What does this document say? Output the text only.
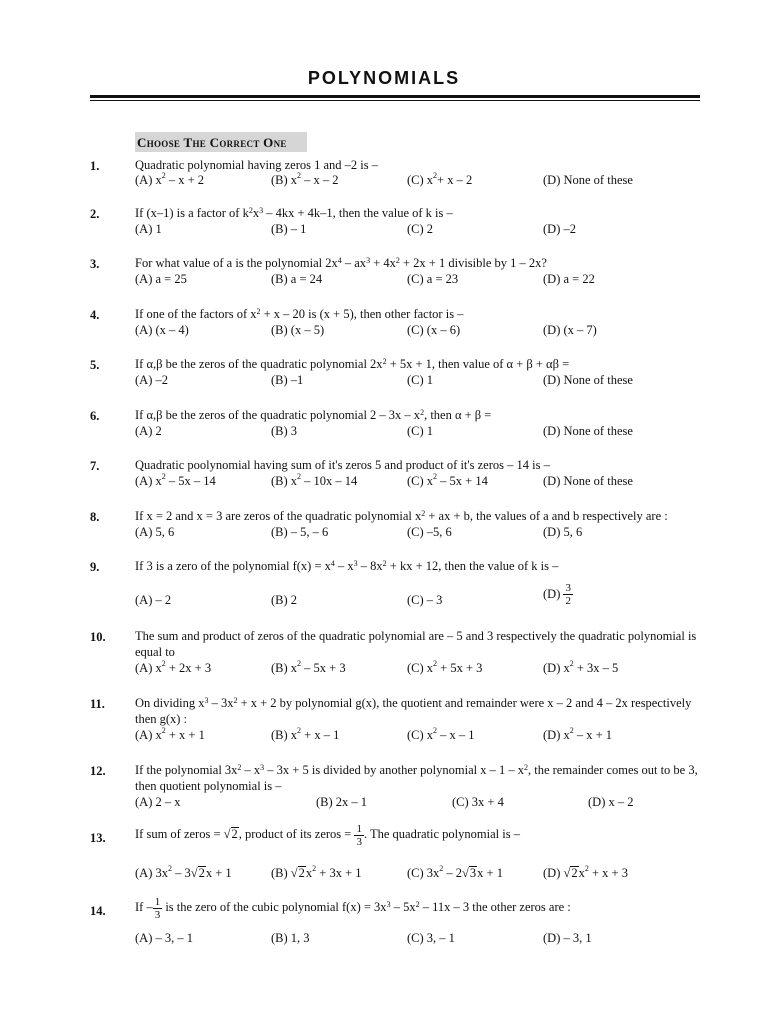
POLYNOMIALS
Choose The Correct One
1.	Quadratic polynomial having zeros 1 and –2 is –
(A) $x^2 - x + 2$	(B) $x^2$ – x – 2	(C) $x^2+ x - 2$	(D) None of these
2.	If (x–1) is a factor of $k^2x^3 - 4kx + 4k-1$, then the value of k is –
(A) 1	(B) – 1	(C) 2	(D) –2
3.	For what value of a is the polynomial $2x^4 - ax^3 + 4x^2 + 2x + 1$ divisible by 1 – 2x?
(A) a = 25	(B) a = 24	(C) a = 23	(D) a = 22
4.	If one of the factors of $x^2 + x - 20$ is (x + 5), then other factor is –
(A) (x – 4)	(B) (x – 5)	(C) (x – 6)	(D) (x – 7)
5.	If α,β be the zeros of the quadratic polynomial $2x^2 + 5x + 1$, then value of α + β + αβ =
(A) –2	(B) –1	(C) 1	(D) None of these
6.	If α,β be the zeros of the quadratic polynomial $2 - 3x - x^2$, then α + β =
(A) 2	(B) 3	(C) 1	(D) None of these
7.	Quadratic poolynomial having sum of it's zeros 5 and product of it's zeros – 14 is –
(A) $x^2 - 5x - 14$	(B) $x^2 - 10x - 14$	(C) $x^2 - 5x + 14$	(D) None of these
8.	If x = 2 and x = 3 are zeros of the quadratic polynomial $x^2$ + ax + b, the values of a and b respectively are :
(A) 5, 6	(B) – 5, – 6	(C) –5, 6	(D) 5, 6
9.	If 3 is a zero of the polynomial $f(x) = x^4 - x^3 - 8x^2$ + kx + 12, then the value of k is –
(A) – 2	(B) 2	(C) – 3	$(D) \frac{3}{2}$
10. The sum and product of zeros of the quadratic polynomial are – 5 and 3 respectively the quadratic polynomial is equal to
(A) $x^2 + 2x + 3$	(B) $x^2 - 5x + 3$	(C) $x^2 + 5x + 3$	(D) $x^2 + 3x - 5$
11. On dividing $x^3 - 3x^2 + x + 2$ by polynomial g(x), the quotient and remainder were x – 2 and 4 – 2x respectively then g(x) :
(A) $x^2 + x + 1$	(B) $x^2 + x - 1$	(C) $x^2$ – x – 1	(D) $x^2 - x + 1$
12. If the polynomial $3x^2 - x^3 - 3x + 5$ is divided by another polynomial x – $1 - x^2$, the remainder comes out to be 3, then quotient polynomial is –
(A) 2 – x	(B) 2x – 1	(C) 3x + 4	(D) x – 2
13. If sum of zeros = √2, product of its zeros = $\frac{1}{3}$ . The quadratic polynomial is –
(A) $3x^2 - 3√2x + 1$	(B) $√2x^2 + 3x + 1$	(C) $3x^2 - 2√3x + 1$	(D) $√2x^2 + x + 3$
14. If – $\frac{1}{3}$ is the zero of the cubic polynomial $f(x) = 3x^3 - 5x^2 - 11x - 3$ the other zeros are :
(A) – 3, – 1	(B) 1, 3	(C) 3, – 1	(D) – 3, 1
